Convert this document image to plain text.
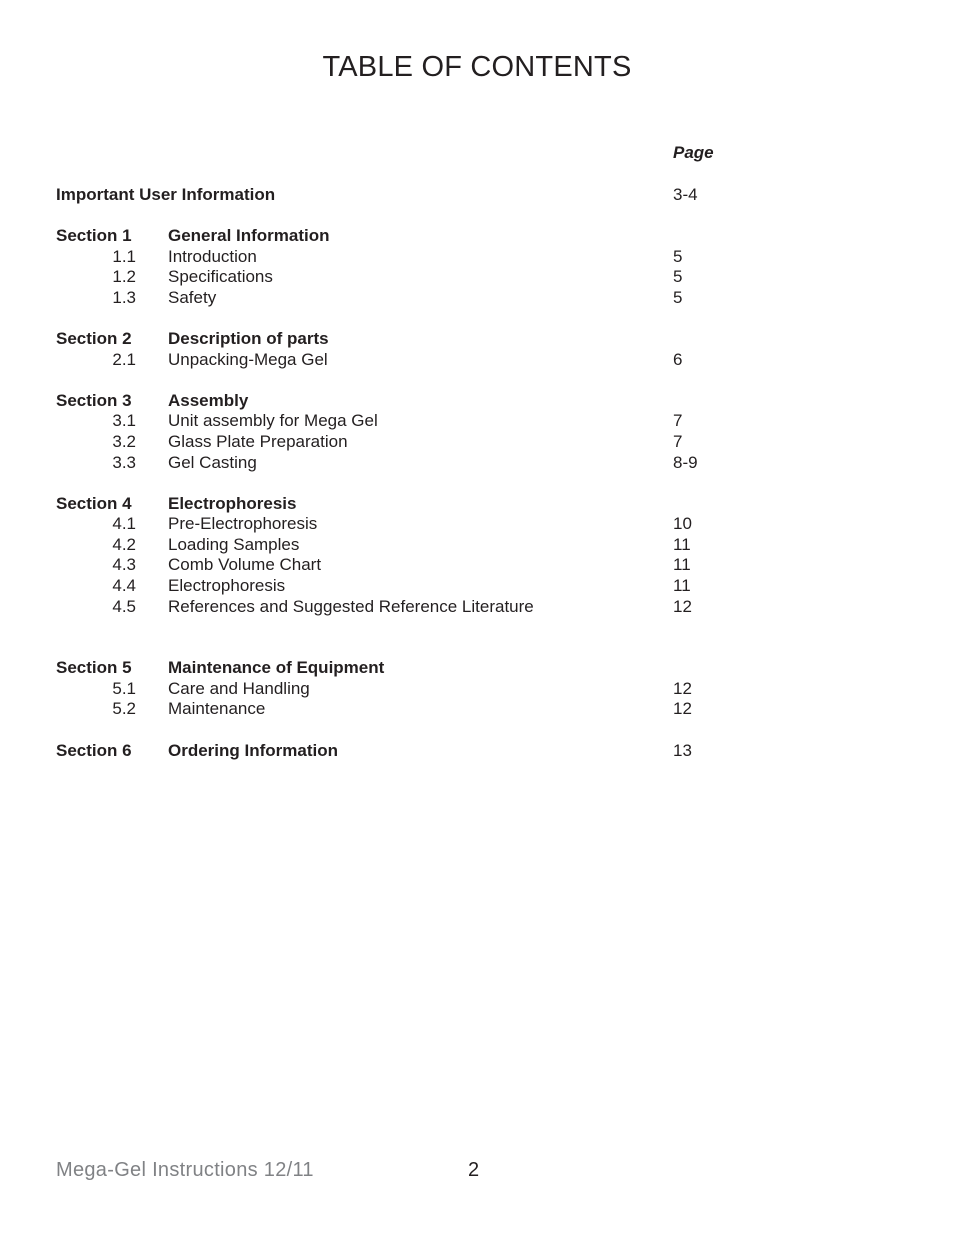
TABLE OF CONTENTS
Page
Important User Information	3-4
Section 1 General Information
1.1 Introduction	5
1.2 Specifications	5
1.3 Safety	5
Section 2 Description of parts
2.1 Unpacking-Mega Gel	6
Section 3 Assembly
3.1 Unit assembly for Mega Gel	7
3.2 Glass Plate Preparation	7
3.3 Gel Casting	8-9
Section 4 Electrophoresis
4.1 Pre-Electrophoresis	10
4.2 Loading Samples	11
4.3 Comb Volume Chart	11
4.4 Electrophoresis	11
4.5 References and Suggested Reference Literature	12
Section 5 Maintenance of Equipment
5.1 Care and Handling	12
5.2 Maintenance	12
Section 6 Ordering Information	13
Mega-Gel Instructions 12/11	2
